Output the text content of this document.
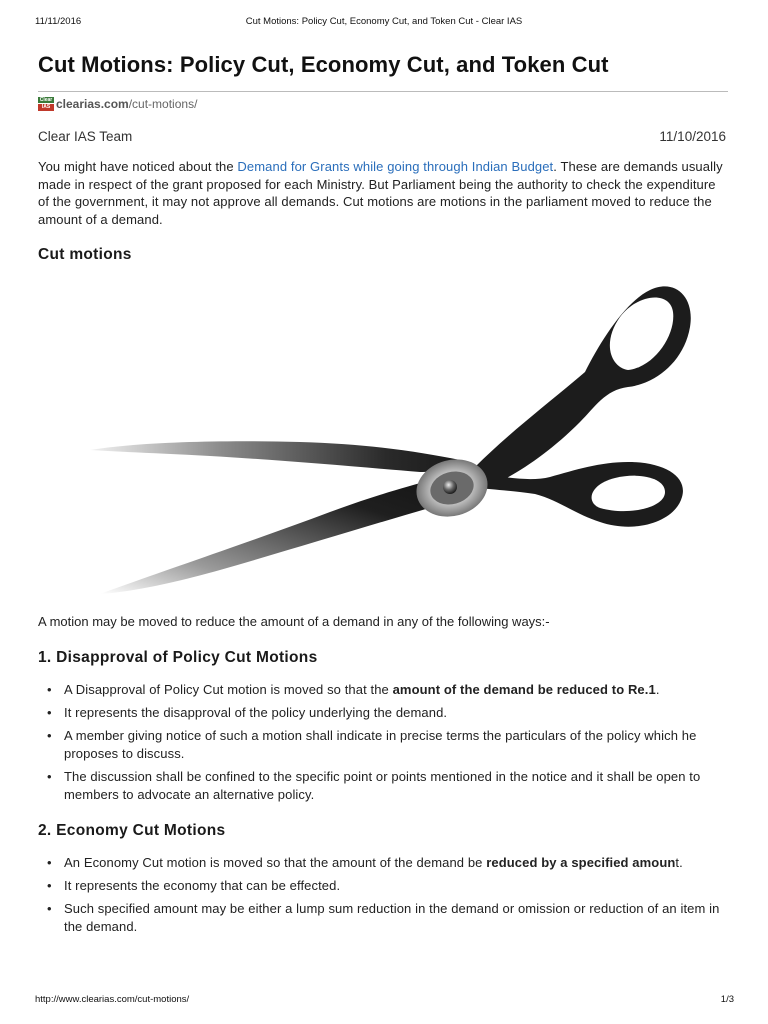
11/11/2016	Cut Motions: Policy Cut, Economy Cut, and Token Cut - Clear IAS
Cut Motions: Policy Cut, Economy Cut, and Token Cut
Clear
IAS clearias.com /cut-motions/
Clear IAS Team	11/10/2016
You might have noticed about the Demand for Grants while going through Indian Budget. These are demands usually made in respect of the grant proposed for each Ministry. But Parliament being the authority to check the expenditure of the government, it may not approve all demands. Cut motions are motions in the parliament moved to reduce the amount of a demand.
Cut motions
A motion may be moved to reduce the amount of a demand in any of the following ways:-
1. Disapproval of Policy Cut Motions
• A Disapproval of Policy Cut motion is moved so that the amount of the demand be reduced to Re.1.
• It represents the disapproval of the policy underlying the demand.
• A member giving notice of such a motion shall indicate in precise terms the particulars of the policy which he proposes to discuss.
• The discussion shall be confined to the specific point or points mentioned in the notice and it shall be open to members to advocate an alternative policy.
2. Economy Cut Motions
• An Economy Cut motion is moved so that the amount of the demand be reduced by a specified amount.
• It represents the economy that can be effected.
• Such specified amount may be either a lump sum reduction in the demand or omission or reduction of an item in the demand.
http://www.clearias.com/cut-motions/	1/3
